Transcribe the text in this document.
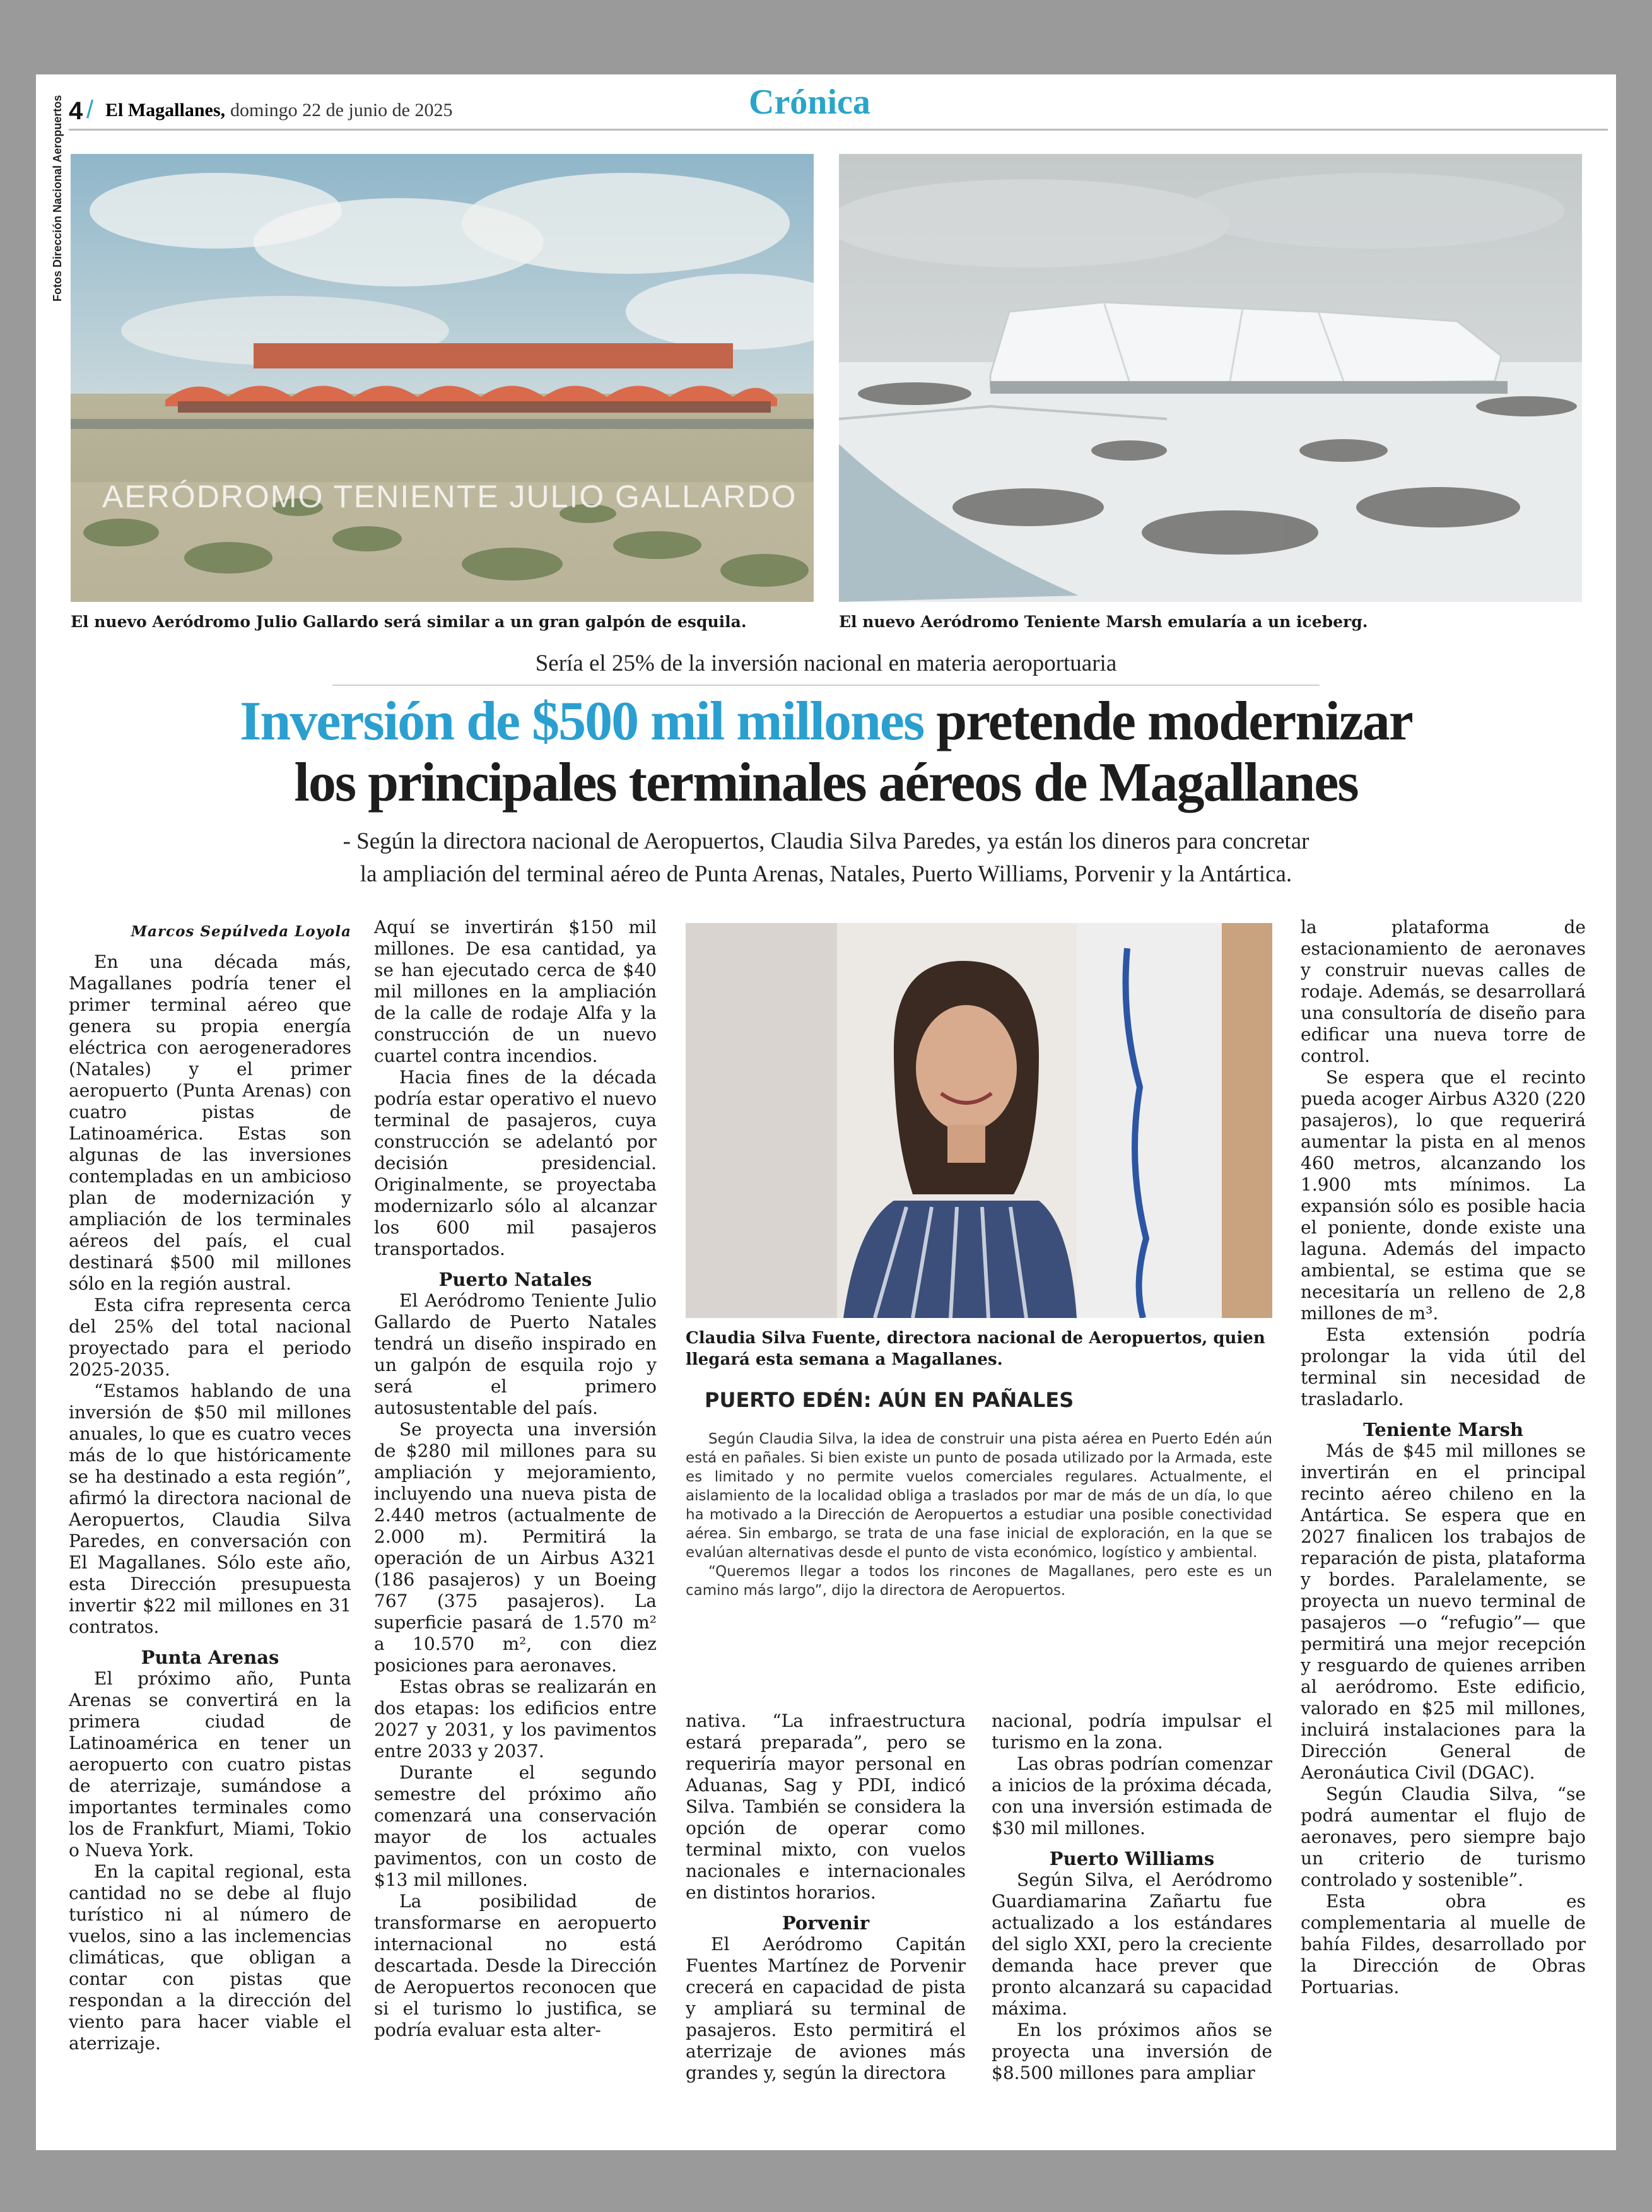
4 / El Magallanes, domingo 22 de junio de 2025	Crónica
Fotos Dirección Nacional Aeropuertos
AERÓDROMO TENIENTE JULIO GALLARDO
El nuevo Aeródromo Julio Gallardo será similar a un gran galpón de esquila.	El nuevo Aeródromo Teniente Marsh emularía a un iceberg.
Sería el 25% de la inversión nacional en materia aeroportuaria
Inversión de $500 mil millones pretende modernizar
los principales terminales aéreos de Magallanes
- Según la directora nacional de Aeropuertos, Claudia Silva Paredes, ya están los dineros para concretar
la ampliación del terminal aéreo de Punta Arenas, Natales, Puerto Williams, Porvenir y la Antártica.
Marcos Sepúlveda Loyola

En una década más, Magallanes podría tener el primer terminal aéreo que genera su propia energía eléctrica con aerogeneradores (Natales) y el primer aeropuerto (Punta Arenas) con cuatro pistas de Latinoamérica. Estas son algunas de las inversiones contempladas en un ambicioso plan de modernización y ampliación de los terminales aéreos del país, el cual destinará $500 mil millones sólo en la región austral.

Esta cifra representa cerca del 25% del total nacional proyectado para el periodo 2025-2035.

“Estamos hablando de una inversión de $50 mil millones anuales, lo que es cuatro veces más de lo que históricamente se ha destinado a esta región”, afirmó la directora nacional de Aeropuertos, Claudia Silva Paredes, en conversación con El Magallanes. Sólo este año, esta Dirección presupuesta invertir $22 mil millones en 31 contratos.

Punta Arenas

El próximo año, Punta Arenas se convertirá en la primera ciudad de Latinoamérica en tener un aeropuerto con cuatro pistas de aterrizaje, sumándose a importantes terminales como los de Frankfurt, Miami, Tokio o Nueva York.

En la capital regional, esta cantidad no se debe al flujo turístico ni al número de vuelos, sino a las inclemencias climáticas, que obligan a contar con pistas que respondan a la dirección del viento para hacer viable el aterrizaje.

Aquí se invertirán $150 mil millones. De esa cantidad, ya se han ejecutado cerca de $40 mil millones en la ampliación de la calle de rodaje Alfa y la construcción de un nuevo cuartel contra incendios.

Hacia fines de la década podría estar operativo el nuevo terminal de pasajeros, cuya construcción se adelantó por decisión presidencial. Originalmente, se proyectaba modernizarlo sólo al alcanzar los 600 mil pasajeros transportados.

Puerto Natales

El Aeródromo Teniente Julio Gallardo de Puerto Natales tendrá un diseño inspirado en un galpón de esquila rojo y será el primero autosustentable del país.

Se proyecta una inversión de $280 mil millones para su ampliación y mejoramiento, incluyendo una nueva pista de 2.440 metros (actualmente de 2.000 m). Permitirá la operación de un Airbus A321 (186 pasajeros) y un Boeing 767 (375 pasajeros). La superficie pasará de 1.570 m² a 10.570 m², con diez posiciones para aeronaves.

Estas obras se realizarán en dos etapas: los edificios entre 2027 y 2031, y los pavimentos entre 2033 y 2037.

Durante el segundo semestre del próximo año comenzará una conservación mayor de los actuales pavimentos, con un costo de $13 mil millones.

La posibilidad de transformarse en aeropuerto internacional no está descartada. Desde la Dirección de Aeropuertos reconocen que si el turismo lo justifica, se podría evaluar esta alter-

Claudia Silva Fuente, directora nacional de Aeropuertos, quien llegará esta semana a Magallanes.
PUERTO EDÉN: AÚN EN PAÑALES

Según Claudia Silva, la idea de construir una pista aérea en Puerto Edén aún está en pañales. Si bien existe un punto de posada utilizado por la Armada, este es limitado y no permite vuelos comerciales regulares. Actualmente, el aislamiento de la localidad obliga a traslados por mar de más de un día, lo que ha motivado a la Dirección de Aeropuertos a estudiar una posible conectividad aérea. Sin embargo, se trata de una fase inicial de exploración, en la que se evalúan alternativas desde el punto de vista económico, logístico y ambiental.

“Queremos llegar a todos los rincones de Magallanes, pero este es un camino más largo”, dijo la directora de Aeropuertos.

nativa. “La infraestructura estará preparada”, pero se requeriría mayor personal en Aduanas, Sag y PDI, indicó Silva. También se considera la opción de operar como terminal mixto, con vuelos nacionales e internacionales en distintos horarios.

Porvenir

El Aeródromo Capitán Fuentes Martínez de Porvenir crecerá en capacidad de pista y ampliará su terminal de pasajeros. Esto permitirá el aterrizaje de aviones más grandes y, según la directora

nacional, podría impulsar el turismo en la zona.

Las obras podrían comenzar a inicios de la próxima década, con una inversión estimada de $30 mil millones.

Puerto Williams

Según Silva, el Aeródromo Guardiamarina Zañartu fue actualizado a los estándares del siglo XXI, pero la creciente demanda hace prever que pronto alcanzará su capacidad máxima.

En los próximos años se proyecta una inversión de $8.500 millones para ampliar

la plataforma de estacionamiento de aeronaves y construir nuevas calles de rodaje. Además, se desarrollará una consultoría de diseño para edificar una nueva torre de control.

Se espera que el recinto pueda acoger Airbus A320 (220 pasajeros), lo que requerirá aumentar la pista en al menos 460 metros, alcanzando los 1.900 mts mínimos. La expansión sólo es posible hacia el poniente, donde existe una laguna. Además del impacto ambiental, se estima que se necesitaría un relleno de 2,8 millones de m³.

Esta extensión podría prolongar la vida útil del terminal sin necesidad de trasladarlo.

Teniente Marsh

Más de $45 mil millones se invertirán en el principal recinto aéreo chileno en la Antártica. Se espera que en 2027 finalicen los trabajos de reparación de pista, plataforma y bordes. Paralelamente, se proyecta un nuevo terminal de pasajeros —o “refugio”— que permitirá una mejor recepción y resguardo de quienes arriben al aeródromo. Este edificio, valorado en $25 mil millones, incluirá instalaciones para la Dirección General de Aeronáutica Civil (DGAC).

Según Claudia Silva, “se podrá aumentar el flujo de aeronaves, pero siempre bajo un criterio de turismo controlado y sostenible”.

Esta obra es complementaria al muelle de bahía Fildes, desarrollado por la Dirección de Obras Portuarias.
